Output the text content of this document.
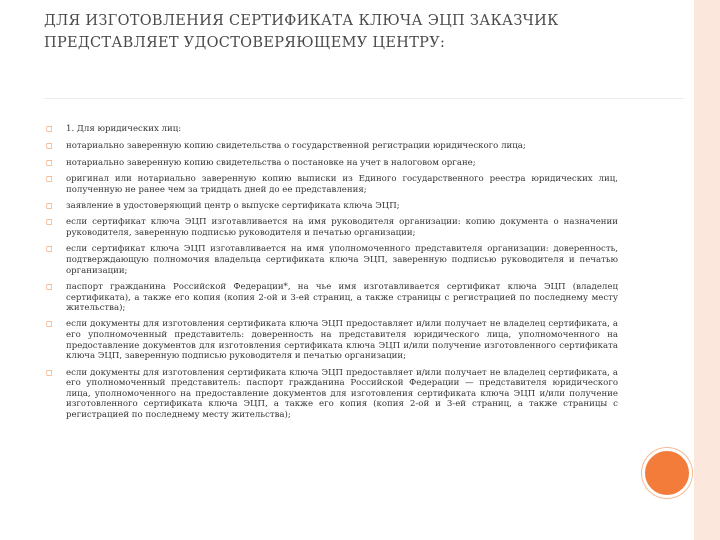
ДЛЯ ИЗГОТОВЛЕНИЯ СЕРТИФИКАТА КЛЮЧА ЭЦП ЗАКАЗЧИК ПРЕДСТАВЛЯЕТ УДОСТОВЕРЯЮЩЕМУ ЦЕНТРУ:
◻ 1. Для юридических лиц:
◻ нотариально заверенную копию свидетельства о государственной регистрации юридического лица;
◻ нотариально заверенную копию свидетельства о постановке на учет в налоговом органе;
◻ оригинал или нотариально заверенную копию выписки из Единого государственного реестра юридических лиц, полученную не ранее чем за тридцать дней до ее представления;
◻ заявление в удостоверяющий центр о выпуске сертификата ключа ЭЦП;
◻ если сертификат ключа ЭЦП изготавливается на имя руководителя организации: копию документа о назначении руководителя, заверенную подписью руководителя и печатью организации;
◻ если сертификат ключа ЭЦП изготавливается на имя уполномоченного представителя организации: доверенность, подтверждающую полномочия владельца сертификата ключа ЭЦП, заверенную подписью руководителя и печатью организации;
◻ паспорт гражданина Российской Федерации*, на чье имя изготавливается сертификат ключа ЭЦП (владелец сертификата), а также его копия (копия 2-ой и 3-ей страниц, а также страницы с регистрацией по последнему месту жительства);
◻ если документы для изготовления сертификата ключа ЭЦП предоставляет и/или получает не владелец сертификата, а его уполномоченный представитель: доверенность на представителя юридического лица, уполномоченного на предоставление документов для изготовления сертификата ключа ЭЦП и/или получение изготовленного сертификата ключа ЭЦП, заверенную подписью руководителя и печатью организации;
◻ если документы для изготовления сертификата ключа ЭЦП предоставляет и/или получает не владелец сертификата, а его уполномоченный представитель: паспорт гражданина Российской Федерации — представителя юридического лица, уполномоченного на предоставление документов для изготовления сертификата ключа ЭЦП и/или получение изготовленного сертификата ключа ЭЦП, а также его копия (копия 2-ой и 3-ей страниц, а также страницы с регистрацией по последнему месту жительства);
